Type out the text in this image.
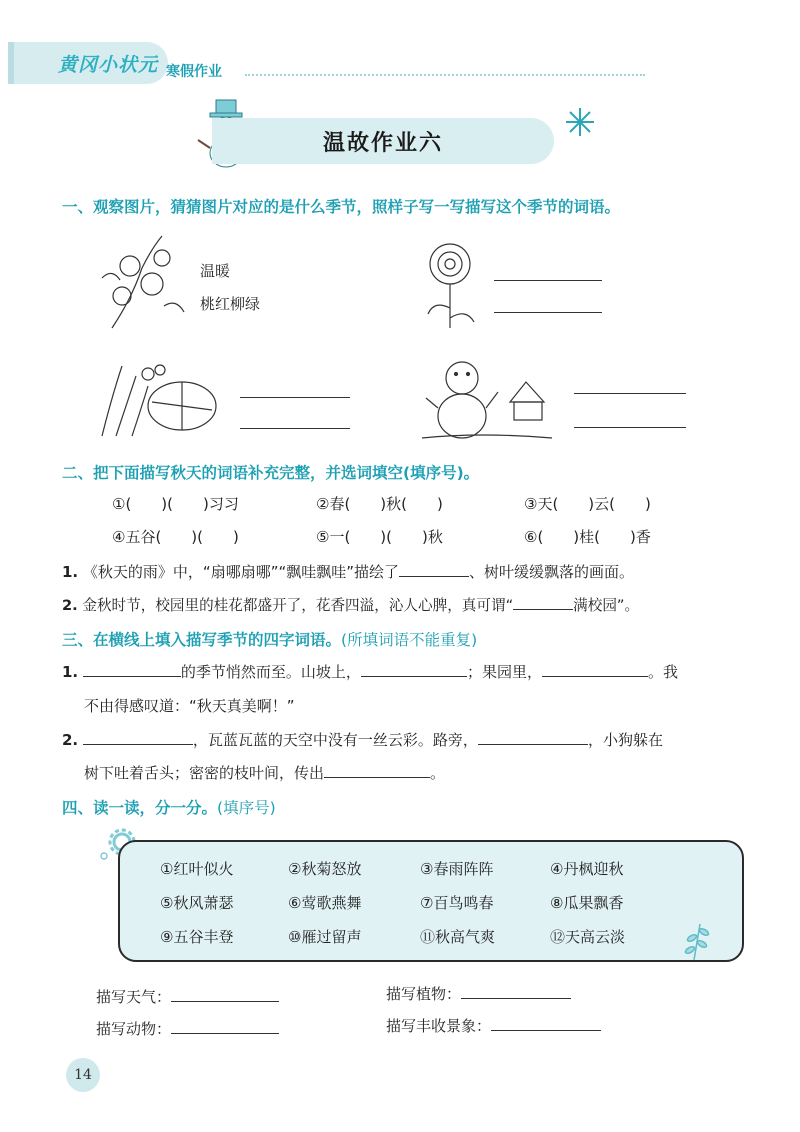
黄冈小状元 寒假作业
温故作业六
一、观察图片，猜猜图片对应的是什么季节，照样子写一写描写这个季节的词语。
温暖
桃红柳绿
二、把下面描写秋天的词语补充完整，并选词填空(填序号)。
①(　　)(　　)习习	②春(　　)秋(　　)	③天(　　)云(　　)
④五谷(　　)(　　)	⑤一(　　)(　　)秋	⑥(　　)桂(　　)香
1. 《秋天的雨》中，“扇哪扇哪”“飘哇飘哇”描绘了	、树叶缓缓飘落的画面。
2. 金秋时节，校园里的桂花都盛开了，花香四溢，沁人心脾，真可谓“	满校园”。
三、在横线上填入描写季节的四字词语。(所填词语不能重复)
1.	的季节悄然而至。山坡上，	；果园里，	。我
不由得感叹道：“秋天真美啊！”
2.	，瓦蓝瓦蓝的天空中没有一丝云彩。路旁，	，小狗躲在
树下吐着舌头；密密的枝叶间，传出	。
四、读一读，分一分。(填序号)
①红叶似火	②秋菊怒放	③春雨阵阵	④丹枫迎秋
⑤秋风萧瑟	⑥莺歌燕舞	⑦百鸟鸣春	⑧瓜果飘香
⑨五谷丰登	⑩雁过留声	⑪秋高气爽	⑫天高云淡
描写天气：	描写植物：
描写动物：	描写丰收景象：
14
